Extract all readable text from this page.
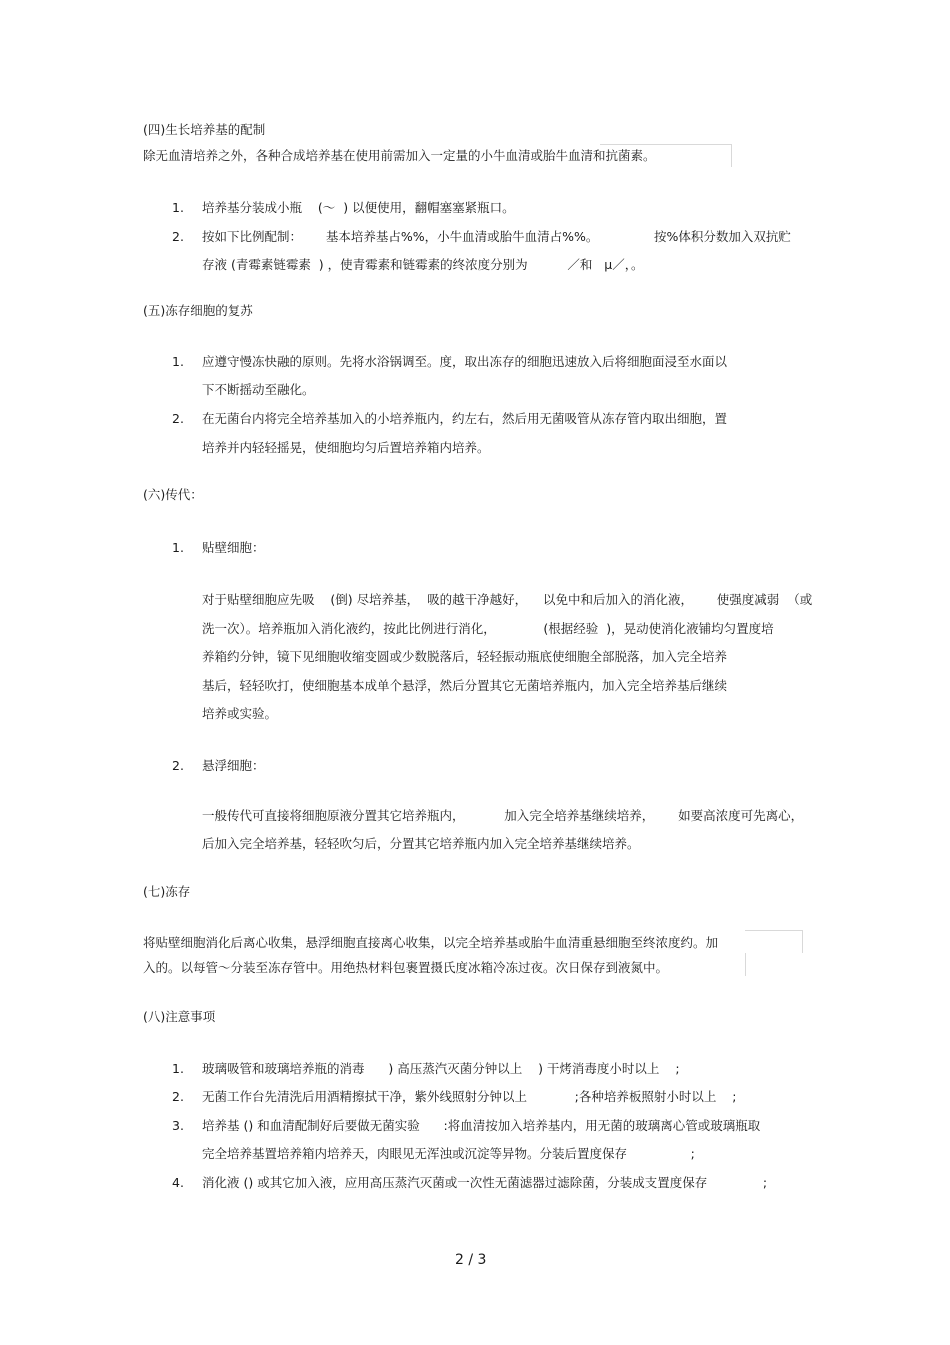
(四)生长培养基的配制
除无血清培养之外，各种合成培养基在使用前需加入一定量的小牛血清或胎牛血清和抗菌素。
1. 培养基分装成小瓶    (～  ) 以便使用，翻帽塞塞紧瓶口。
2. 按如下比例配制：      基本培养基占%%，小牛血清或胎牛血清占%%。              按%体积分数加入双抗贮
存液 (青霉素链霉素  ) ，使青霉素和链霉素的终浓度分别为          ／和   μ／，。
(五)冻存细胞的复苏
1. 应遵守慢冻快融的原则。先将水浴锅调至。度，取出冻存的细胞迅速放入后将细胞面浸至水面以
下不断摇动至融化。
2. 在无菌台内将完全培养基加入的小培养瓶内，约左右，然后用无菌吸管从冻存管内取出细胞，置
培养并内轻轻摇晃，使细胞均匀后置培养箱内培养。
(六)传代：
1. 贴壁细胞：
对于贴壁细胞应先吸    (倒) 尽培养基，  吸的越干净越好，    以免中和后加入的消化液，      使强度减弱  （或
洗一次）。培养瓶加入消化液约，按此比例进行消化，            (根据经验  )，晃动使消化液铺均匀置度培
养箱约分钟，镜下见细胞收缩变圆或少数脱落后，轻轻振动瓶底使细胞全部脱落，加入完全培养
基后，轻轻吹打，使细胞基本成单个悬浮，然后分置其它无菌培养瓶内，加入完全培养基后继续
培养或实验。
2. 悬浮细胞：
一般传代可直接将细胞原液分置其它培养瓶内，          加入完全培养基继续培养，      如要高浓度可先离心，
后加入完全培养基，轻轻吹匀后，分置其它培养瓶内加入完全培养基继续培养。
(七)冻存
将贴壁细胞消化后离心收集，悬浮细胞直接离心收集，以完全培养基或胎牛血清重悬细胞至终浓度约。加
入的。以每管～分装至冻存管中。用绝热材料包裹置摄氏度冰箱冷冻过夜。次日保存到液氮中。
(八)注意事项
1. 玻璃吸管和玻璃培养瓶的消毒      ) 高压蒸汽灭菌分钟以上    ) 干烤消毒度小时以上    ;
2. 无菌工作台先清洗后用酒精擦拭干净，紫外线照射分钟以上            ;各种培养板照射小时以上    ;
3. 培养基 () 和血清配制好后要做无菌实验      :将血清按加入培养基内，用无菌的玻璃离心管或玻璃瓶取
完全培养基置培养箱内培养天，肉眼见无浑浊或沉淀等异物。分装后置度保存                ;
4. 消化液 () 或其它加入液，应用高压蒸汽灭菌或一次性无菌滤器过滤除菌，分装成支置度保存              ;
2 / 3
